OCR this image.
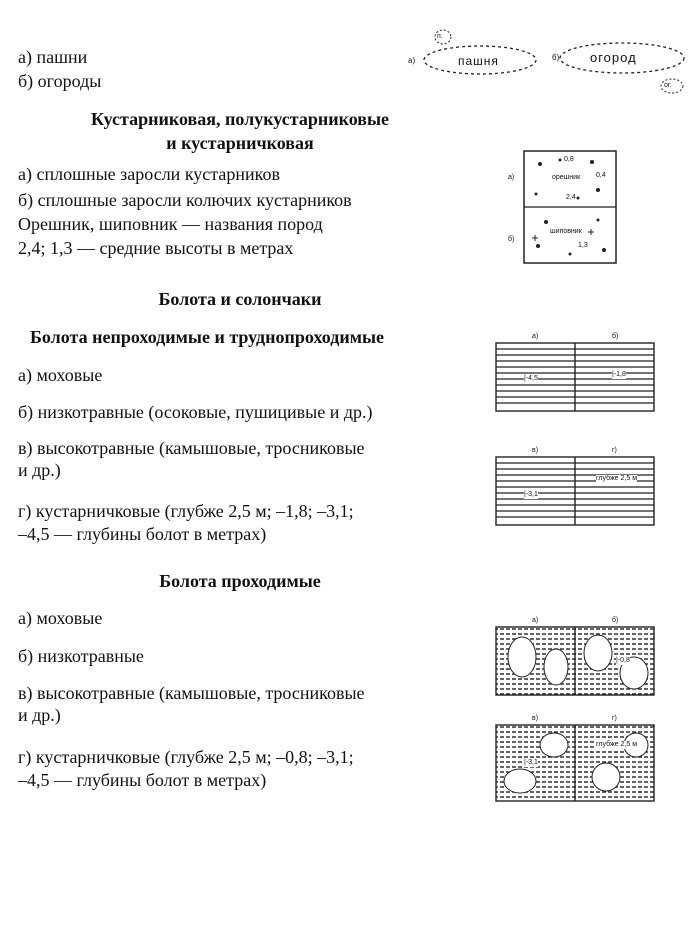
а) пашни
б) огороды
а)	б)
пашня	огород
п.
ог.
Кустарниковая, полукустарниковые
и кустарничковая
а) сплошные заросли кустарников
б) сплошные заросли колючих кустарников
Орешник, шиповник — названия пород
2,4; 1,3 — средние высоты в метрах
а)
б)
орешник
шиповник
0,8
0,4
2,4
1,3
Болота и солончаки
Болота непроходимые и труднопроходимые
а) моховые
б) низкотравные (осоковые, пушицивые и др.)
в) высокотравные (камышовые, тросниковые
и др.)
г) кустарничковые (глубже 2,5 м; –1,8; –3,1;
–4,5 — глубины болот в метрах)
а)	б)
|-4,5
|-1,8
в)	г)
|-3,1
глубже 2,5 м
Болота проходимые
а) моховые
б) низкотравные
в) высокотравные (камышовые, тросниковые
и др.)
г) кустарничковые (глубже 2,5 м; –0,8; –3,1;
–4,5 — глубины болот в метрах)
а)	б)
|-0,8
в)	г)
глубже 2,5 м
|-3,1
